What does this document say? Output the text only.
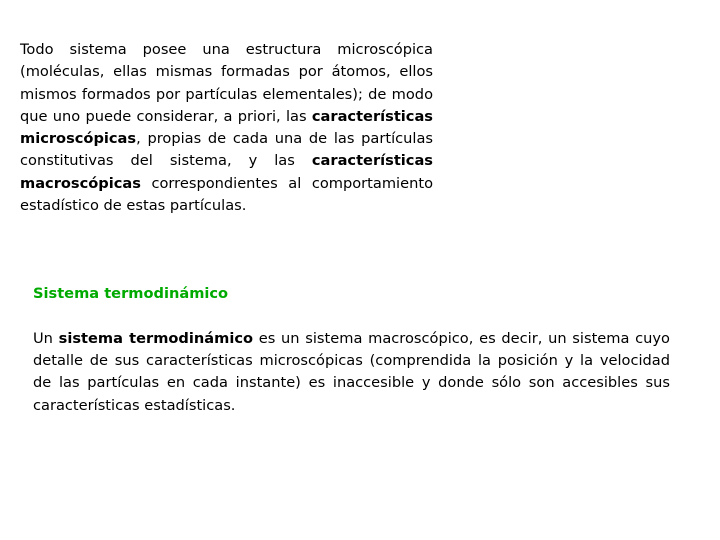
Todo sistema posee una estructura microscópica (moléculas, ellas mismas formadas por átomos, ellos mismos formados por partículas elementales); de modo que uno puede considerar, a priori, las características microscópicas, propias de cada una de las partículas constitutivas del sistema, y las características macroscópicas correspondientes al comportamiento estadístico de estas partículas.

Sistema termodinámico

Un sistema termodinámico es un sistema macroscópico, es decir, un sistema cuyo detalle de sus características microscópicas (comprendida la posición y la velocidad de las partículas en cada instante) es inaccesible y donde sólo son accesibles sus características estadísticas.
